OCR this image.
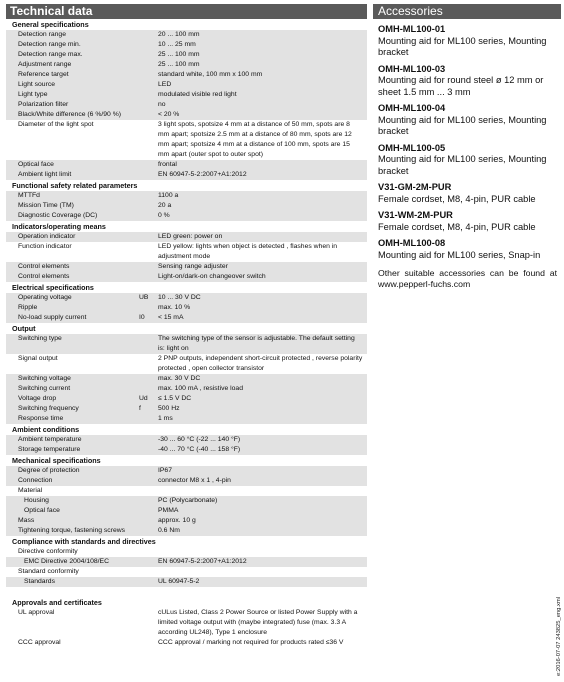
Technical data
General specifications
Detection range	20 ... 100 mm
Detection range min.	10 ... 25 mm
Detection range max.	25 ... 100 mm
Adjustment range	25 ... 100 mm
Reference target	standard white, 100 mm x 100 mm
Light source	LED
Light type	modulated visible red light
Polarization filter	no
Black/White difference (6 %/90 %)	< 20 %
Diameter of the light spot	3 light spots, spotsize 4 mm at a distance of 50 mm, spots are 8 mm apart; spotsize 2.5 mm at a distance of 80 mm, spots are 12 mm apart; spotsize 4 mm at a distance of 100 mm, spots are 15 mm apart (outer spot to outer spot)
Optical face	frontal
Ambient light limit	EN 60947-5-2:2007+A1:2012
Functional safety related parameters
MTTFd	1100 a
Mission Time (TM)	20 a
Diagnostic Coverage (DC)	0 %
Indicators/operating means
Operation indicator	LED green: power on
Function indicator	LED yellow: lights when object is detected , flashes when in adjustment mode
Control elements	Sensing range adjuster
Control elements	Light-on/dark-on changeover switch
Electrical specifications
Operating voltage	UB	10 ... 30 V DC
Ripple	max. 10 %
No-load supply current	I0	< 15 mA
Output
Switching type	The switching type of the sensor is adjustable. The default setting is: light on
Signal output	2 PNP outputs, independent short-circuit protected , reverse polarity protected , open collector transistor
Switching voltage	max. 30 V DC
Switching current	max. 100 mA , resistive load
Voltage drop	Ud	≤ 1.5 V DC
Switching frequency	f	500 Hz
Response time	1 ms
Ambient conditions
Ambient temperature	-30 ... 60 °C (-22 ... 140 °F)
Storage temperature	-40 ... 70 °C (-40 ... 158 °F)
Mechanical specifications
Degree of protection	IP67
Connection	connector M8 x 1 , 4-pin
Material
Housing	PC (Polycarbonate)
Optical face	PMMA
Mass	approx. 10 g
Tightening torque, fastening screws	0.6 Nm
Compliance with standards and directives
Directive conformity
EMC Directive 2004/108/EC	EN 60947-5-2:2007+A1:2012
Standard conformity
Standards	UL 60947-5-2
Approvals and certificates
UL approval	cULus Listed, Class 2 Power Source or listed Power Supply with a limited voltage output with (maybe integrated) fuse (max. 3.3 A according UL248), Type 1 enclosure
CCC approval	CCC approval / marking not required for products rated ≤36 V
Accessories
OMH-ML100-01
Mounting aid for ML100 series, Mounting bracket
OMH-ML100-03
Mounting aid for round steel ø 12 mm or sheet 1.5 mm ... 3 mm
OMH-ML100-04
Mounting aid for ML100 series, Mounting bracket
OMH-ML100-05
Mounting aid for ML100 series, Mounting bracket
V31-GM-2M-PUR
Female cordset, M8, 4-pin, PUR cable
V31-WM-2M-PUR
Female cordset, M8, 4-pin, PUR cable
OMH-ML100-08
Mounting aid for ML100 series, Snap-in
Other suitable accessories can be found at www.pepperl-fuchs.com
e:2016-07-07 243825_eng.xml
